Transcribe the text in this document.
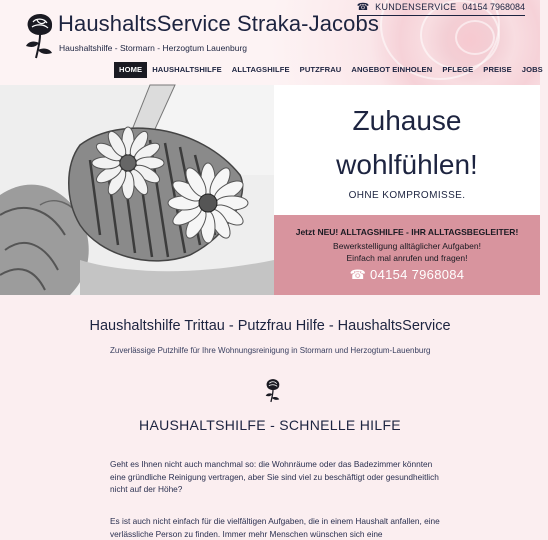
HaushaltsService Straka-Jacobs
Haushaltshilfe - Stormarn - Herzogtum Lauenburg
☎ KUNDENSERVICE 04154 7968084
HOME	HAUSHALTSHILFE	ALLTAGSHILFE	PUTZFRAU	ANGEBOT EINHOLEN	PFLEGE	PREISE	JOBS
Zuhause
wohlfühlen!
OHNE KOMPROMISSE.
Jetzt NEU! ALLTAGSHILFE - IHR ALLTAGSBEGLEITER!
Bewerkstelligung alltäglicher Aufgaben!
Einfach mal anrufen und fragen!
☎ 04154 7968084
Haushaltshilfe Trittau - Putzfrau Hilfe - HaushaltsService
Zuverlässige Putzhilfe für Ihre Wohnungsreinigung in Stormarn und Herzogtum-Lauenburg
HAUSHALTSHILFE - SCHNELLE HILFE
Geht es Ihnen nicht auch manchmal so: die Wohnräume oder das Badezimmer könnten eine gründliche Reinigung vertragen, aber Sie sind viel zu beschäftigt oder gesundheitlich nicht auf der Höhe?
Es ist auch nicht einfach für die vielfältigen Aufgaben, die in einem Haushalt anfallen, eine verlässliche Person zu finden. Immer mehr Menschen wünschen sich eine
